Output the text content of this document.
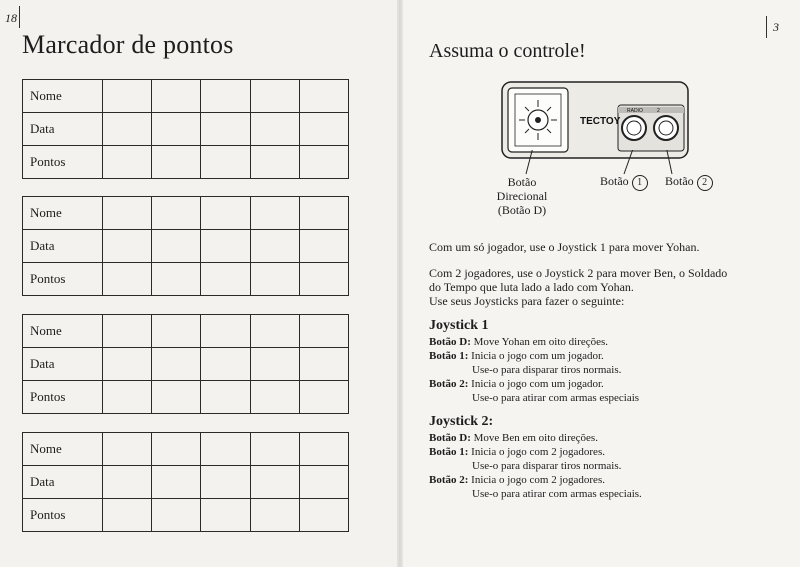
18
3
Marcador de pontos
Nome					
Data					
Pontos					
Nome					
Data					
Pontos					
Nome					
Data					
Pontos					
Nome					
Data					
Pontos					
Assuma o controle!
TECTOY
RADIO	2
Botão
Direcional
(Botão D)
Botão 1	Botão 2
Com um só jogador, use o Joystick 1 para mover Yohan.
Com 2 jogadores, use o Joystick 2 para mover Ben, o Soldado
do Tempo que luta lado a lado com Yohan.
Use seus Joysticks para fazer o seguinte:
Joystick 1
Botão D: Move Yohan em oito direções.
Botão 1: Inicia o jogo com um jogador.
Use-o para disparar tiros normais.
Botão 2: Inicia o jogo com um jogador.
Use-o para atirar com armas especiais
Joystick 2:
Botão D: Move Ben em oito direções.
Botão 1: Inicia o jogo com 2 jogadores.
Use-o para disparar tiros normais.
Botão 2: Inicia o jogo com 2 jogadores.
Use-o para atirar com armas especiais.
